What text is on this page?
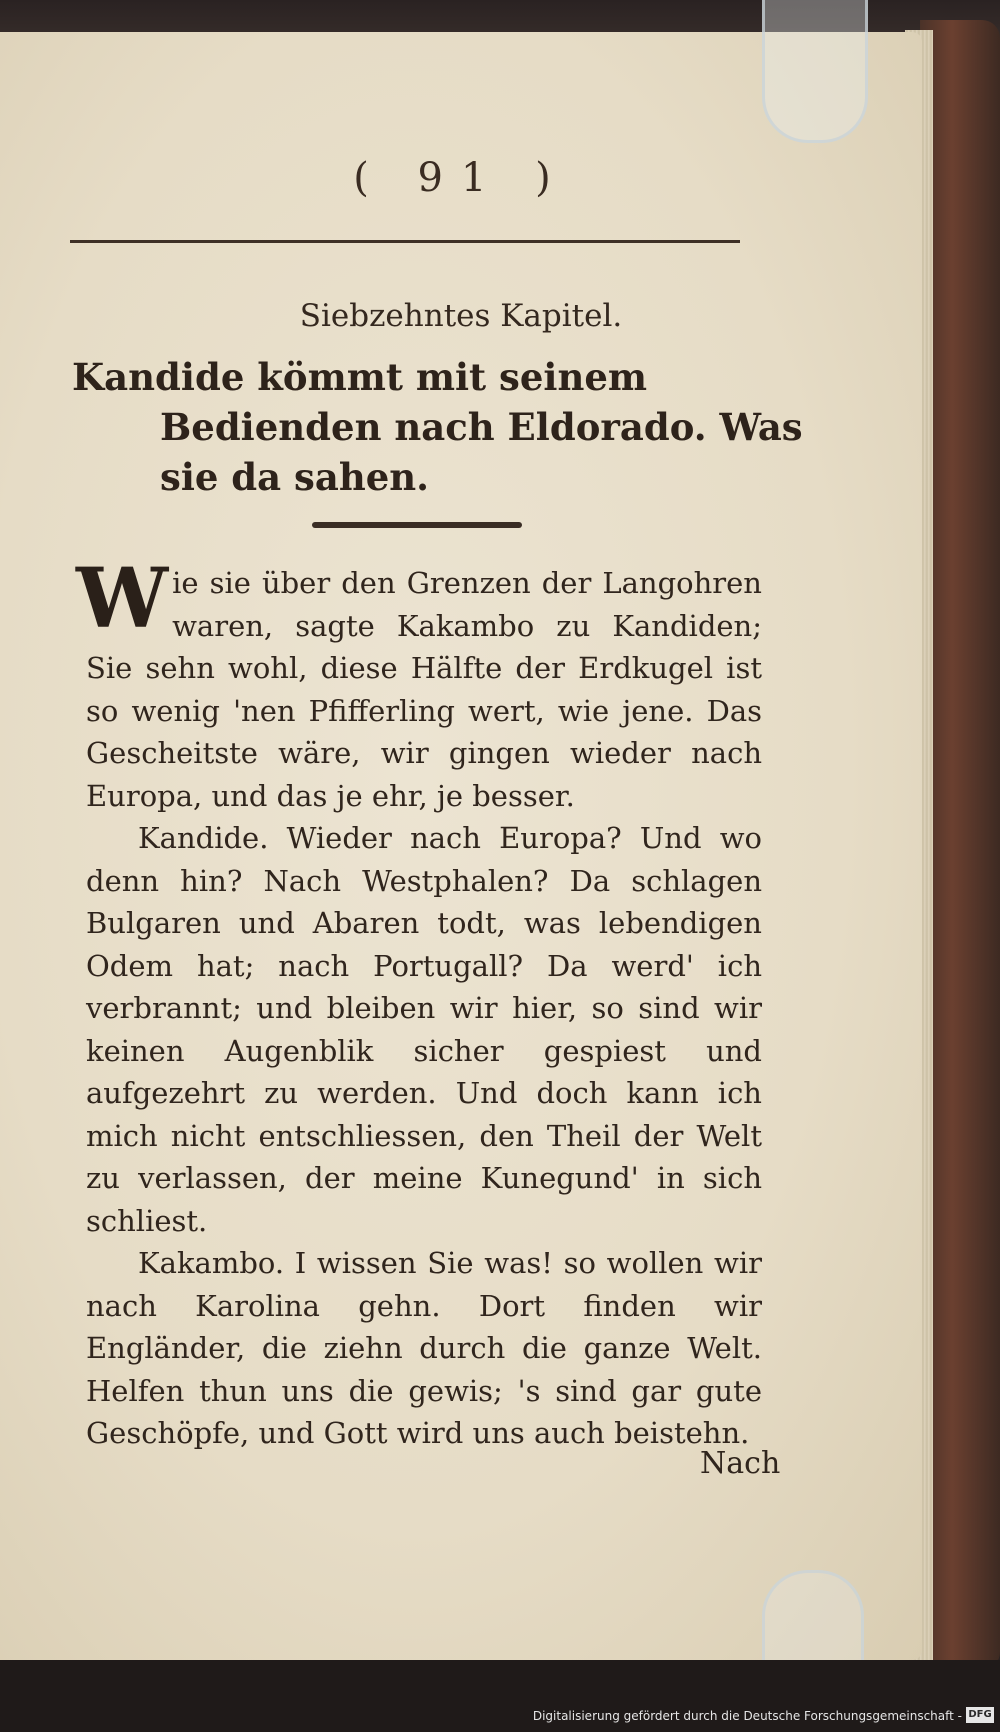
( 91 )
Siebzehntes Kapitel.
Kandide kömmt mit seinem Bedienden nach Eldorado. Was sie da sahen.

Wie sie über den Grenzen der Langohren waren, sagte Kakambo zu Kandiden; Sie sehn wohl, diese Hälfte der Erdkugel ist so wenig 'nen Pfifferling wert, wie jene. Das Gescheitste wäre, wir gingen wieder nach Europa, und das je ehr, je besser.

Kandide. Wieder nach Europa? Und wo denn hin? Nach Westphalen? Da schlagen Bulgaren und Abaren todt, was lebendigen Odem hat; nach Portugall? Da werd' ich verbrannt; und bleiben wir hier, so sind wir keinen Augenblik sicher gespiest und aufgezehrt zu werden. Und doch kann ich mich nicht entschliessen, den Theil der Welt zu verlassen, der meine Kunegund' in sich schliest.

Kakambo. I wissen Sie was! so wollen wir nach Karolina gehn. Dort finden wir Engländer, die ziehn durch die ganze Welt. Helfen thun uns die gewis; 's sind gar gute Geschöpfe, und Gott wird uns auch beistehn.

Nach
Digitalisierung gefördert durch die Deutsche Forschungsgemeinschaft - DFG
